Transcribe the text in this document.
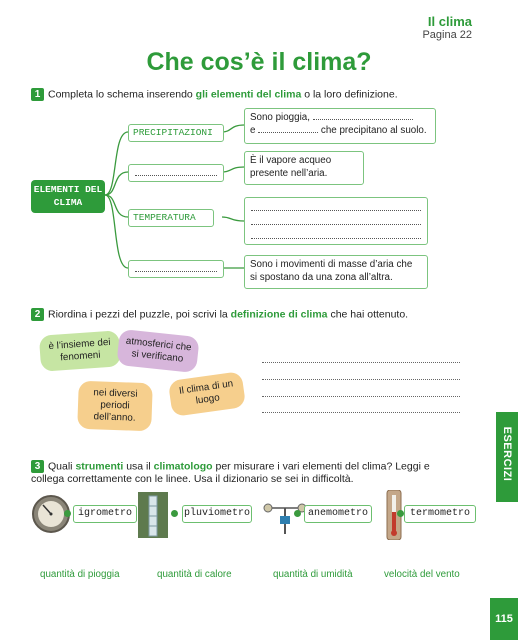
Il clima
Pagina 22
Che cos’è il clima?
1 Completa lo schema inserendo gli elementi del clima o la loro definizione.
ELEMENTI DEL CLIMA
PRECIPITAZIONI
TEMPERATURA
Sono pioggia,
e	che precipitano al suolo.
È il vapore acqueo presente nell’aria.
Sono i movimenti di masse d’aria che si spostano da una zona all’altra.
2 Riordina i pezzi del puzzle, poi scrivi la definizione di clima che hai ottenuto.
è l’insieme dei fenomeni
atmosferici che si verificano
nei diversi periodi dell’anno.
Il clima di un luogo
ESERCIZI
3 Quali strumenti usa il climatologo per misurare i vari elementi del clima? Leggi e collega correttamente con le linee. Usa il dizionario se sei in difficoltà.
igrometro	pluviometro	anemometro	termometro
quantità di pioggia	quantità di calore	quantità di umidità	velocità del vento
115
